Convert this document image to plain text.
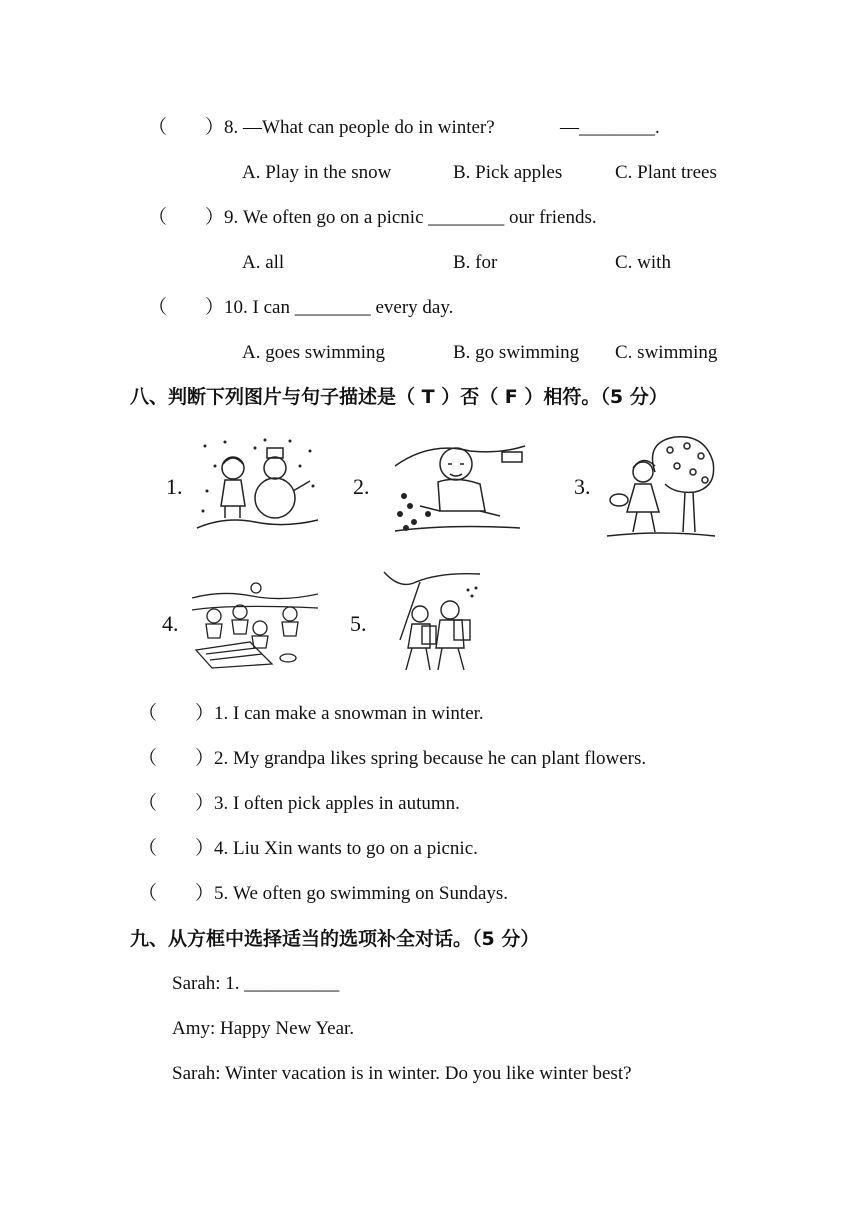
（ ）8. —What can people do in winter?	—________.
A. Play in the snow	B. Pick apples	C. Plant trees
（ ）9. We often go on a picnic ________ our friends.
A. all	B. for	C. with
（ ）10. I can ________ every day.
A. goes swimming	B. go swimming C. swimming
八、判断下列图片与句子描述是（ T ）否（ F ）相符。（5 分）
1.	2.	3.
4.	5.
（ ）1. I can make a snowman in winter.
（ ）2. My grandpa likes spring because he can plant flowers.
（ ）3. I often pick apples in autumn.
（ ）4. Liu Xin wants to go on a picnic.
（ ）5. We often go swimming on Sundays.
九、从方框中选择适当的选项补全对话。（5 分）
Sarah: 1. __________
Amy: Happy New Year.
Sarah: Winter vacation is in winter. Do you like winter best?
